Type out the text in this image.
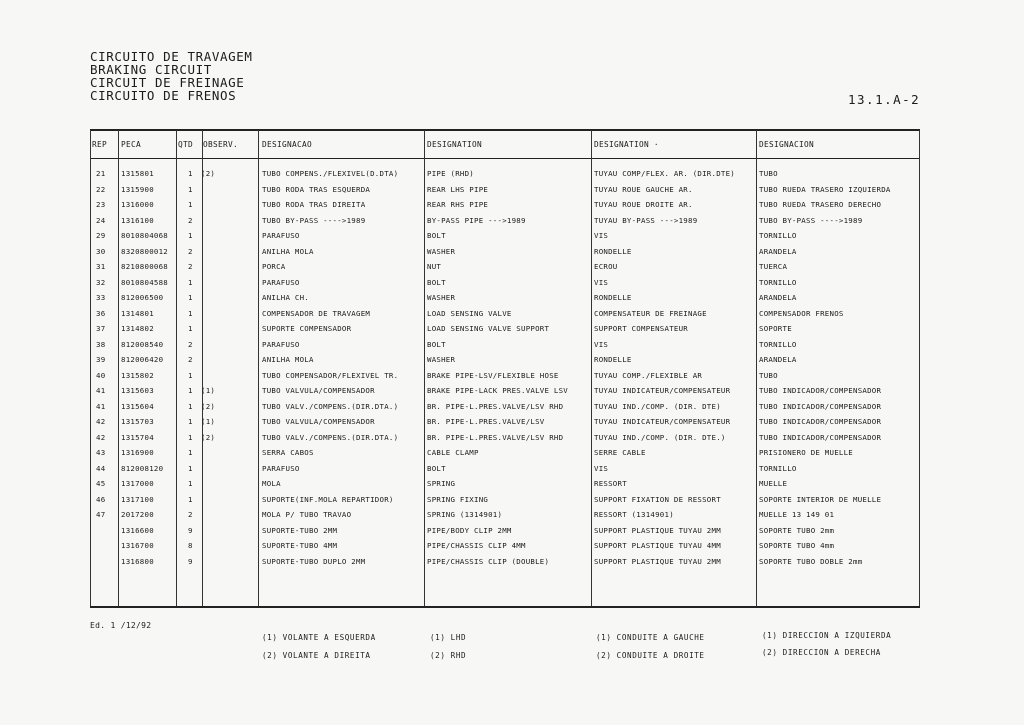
CIRCUITO DE TRAVAGEM
BRAKING CIRCUIT
CIRCUIT DE FREINAGE
CIRCUITO DE FRENOS	13.1.A-2
REP PECA	QTD OBSERV.	DESIGNACAO	DESIGNATION	DESIGNATION ·	DESIGNACION
21 1315801	1 (2)	TUBO COMPENS./FLEXIVEL(D.DTA)	PIPE (RHD)	TUYAU COMP/FLEX. AR. (DIR.DTE)	TUBO
22 1315900	1	TUBO RODA TRAS ESQUERDA	REAR LHS PIPE	TUYAU ROUE GAUCHE AR.	TUBO RUEDA TRASERO IZQUIERDA
23 1316000	1	TUBO RODA TRAS DIREITA	REAR RHS PIPE	TUYAU ROUE DROITE AR.	TUBO RUEDA TRASERO DERECHO
24 1316100	2	TUBO BY-PASS ---->1989	BY-PASS PIPE --->1989	TUYAU BY-PASS --->1989	TUBO BY-PASS ---->1989
29 8010804068	1	PARAFUSO	BOLT	VIS	TORNILLO
30 8320800012	2	ANILHA MOLA	WASHER	RONDELLE	ARANDELA
31 8210800068	2	PORCA	NUT	ECROU	TUERCA
32 8010804588	1	PARAFUSO	BOLT	VIS	TORNILLO
33 812006500	1	ANILHA CH.	WASHER	RONDELLE	ARANDELA
36 1314801	1	COMPENSADOR DE TRAVAGEM	LOAD SENSING VALVE	COMPENSATEUR DE FREINAGE	COMPENSADOR FRENOS
37 1314802	1	SUPORTE COMPENSADOR	LOAD SENSING VALVE SUPPORT	SUPPORT COMPENSATEUR	SOPORTE
38 812008540	2	PARAFUSO	BOLT	VIS	TORNILLO
39 812006420	2	ANILHA MOLA	WASHER	RONDELLE	ARANDELA
40 1315802	1	TUBO COMPENSADOR/FLEXIVEL TR.	BRAKE PIPE-LSV/FLEXIBLE HOSE	TUYAU COMP./FLEXIBLE AR	TUBO
41 1315603	1 (1)	TUBO VALVULA/COMPENSADOR	BRAKE PIPE-LACK PRES.VALVE LSV	TUYAU INDICATEUR/COMPENSATEUR	TUBO INDICADOR/COMPENSADOR
41 1315604	1 (2)	TUBO VALV./COMPENS.(DIR.DTA.)	BR. PIPE-L.PRES.VALVE/LSV RHD	TUYAU IND./COMP. (DIR. DTE)	TUBO INDICADOR/COMPENSADOR
42 1315703	1 (1)	TUBO VALVULA/COMPENSADOR	BR. PIPE-L.PRES.VALVE/LSV	TUYAU INDICATEUR/COMPENSATEUR	TUBO INDICADOR/COMPENSADOR
42 1315704	1 (2)	TUBO VALV./COMPENS.(DIR.DTA.)	BR. PIPE-L.PRES.VALVE/LSV RHD	TUYAU IND./COMP. (DIR. DTE.)	TUBO INDICADOR/COMPENSADOR
43 1316900	1	SERRA CABOS	CABLE CLAMP	SERRE CABLE	PRISIONERO DE MUELLE
44 812008120	1	PARAFUSO	BOLT	VIS	TORNILLO
45 1317000	1	MOLA	SPRING	RESSORT	MUELLE
46 1317100	1	SUPORTE(INF.MOLA REPARTIDOR)	SPRING FIXING	SUPPORT FIXATION DE RESSORT	SOPORTE INTERIOR DE MUELLE
47 2017200	2	MOLA P/ TUBO TRAVAO	SPRING (1314901)	RESSORT (1314901)	MUELLE 13 149 01
1316600	9	SUPORTE-TUBO 2MM	PIPE/BODY CLIP 2MM	SUPPORT PLASTIQUE TUYAU 2MM	SOPORTE TUBO 2mm
1316700	8	SUPORTE-TUBO 4MM	PIPE/CHASSIS CLIP 4MM	SUPPORT PLASTIQUE TUYAU 4MM	SOPORTE TUBO 4mm
1316800	9	SUPORTE-TUBO DUPLO 2MM	PIPE/CHASSIS CLIP (DOUBLE)	SUPPORT PLASTIQUE TUYAU 2MM	SOPORTE TUBO DOBLE 2mm
Ed. 1 /12/92
(1) VOLANTE A ESQUERDA	(1) LHD	(1) CONDUITE A GAUCHE	(1) DIRECCION A IZQUIERDA
(2) VOLANTE A DIREITA	(2) RHD	(2) CONDUITE A DROITE	(2) DIRECCION A DERECHA
